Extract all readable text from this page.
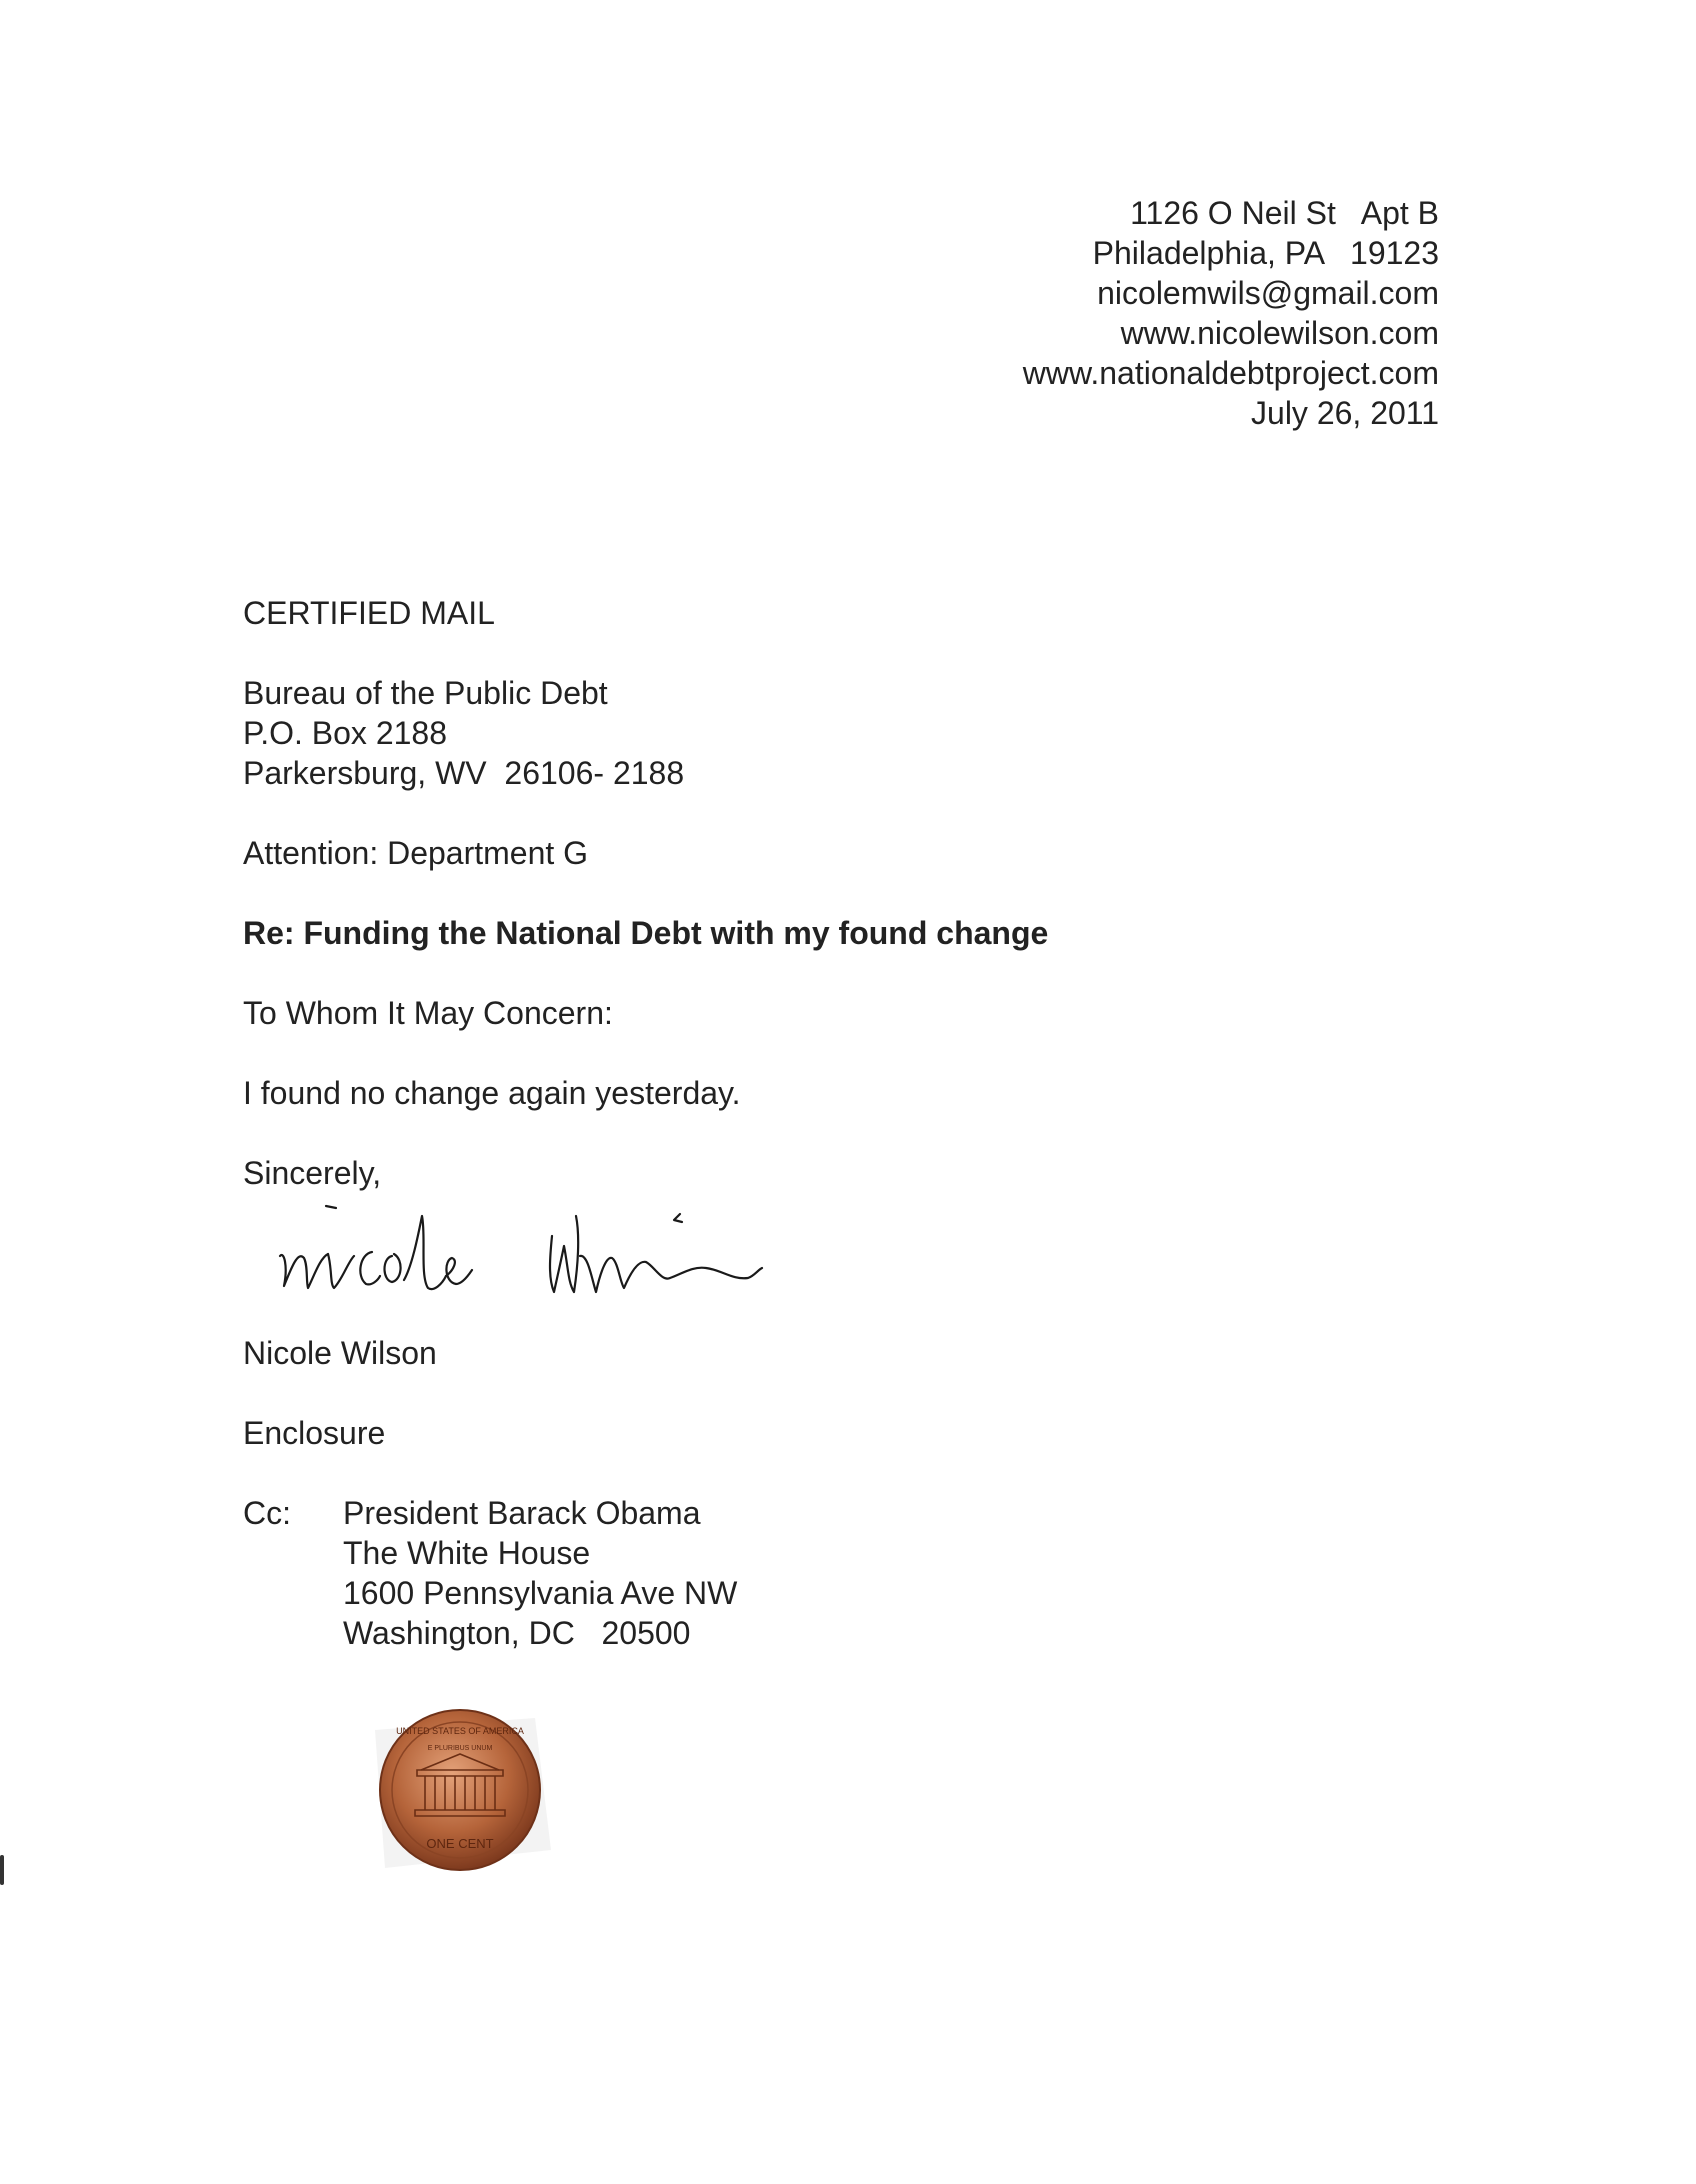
1126 O Neil St   Apt B

Philadelphia, PA   19123

nicolemwils@gmail.com

www.nicolewilson.com

www.nationaldebtproject.com

July 26, 2011

CERTIFIED MAIL

Bureau of the Public Debt

P.O. Box 2188

Parkersburg, WV  26106- 2188

Attention: Department G

Re: Funding the National Debt with my found change

To Whom It May Concern:

I found no change again yesterday.

Sincerely,

Nicole Wilson

Enclosure

Cc: President Barack Obama

The White House

1600 Pennsylvania Ave NW

Washington, DC   20500

UNITED STATES OF AMERICA
E PLURIBUS UNUM
ONE CENT
